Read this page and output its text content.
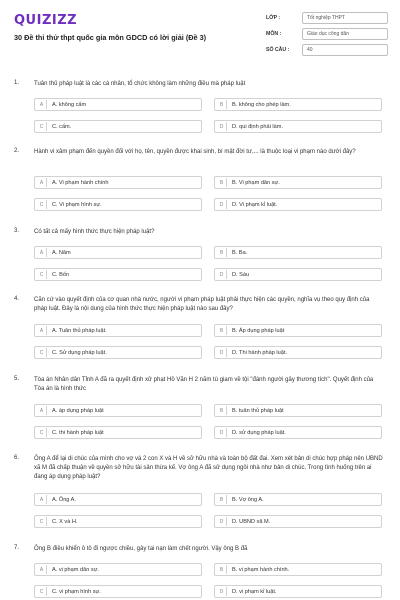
QUIZIZZ
30 Đề thi thử thpt quốc gia môn GDCD có lời giải (Đề 3)
LỚP :	Tốt nghiệp THPT
MÔN :	Giáo dục công dân
SỐ CÂU :	40
1. Tuân thủ pháp luật là các cá nhân, tổ chức không làm những điều mà pháp luật
A	A. không cấm	B	B. không cho phép làm.
C	C. cấm.	D	D. qui định phải làm.
2. Hành vi xâm phạm đến quyền đối với họ, tên, quyền được khai sinh, bí mật đời tư,... là thuộc loại vi phạm nào dưới đây?
A	A. Vi phạm hành chính	B	B. Vi phạm dân sự.
C	C. Vi phạm hình sự.	D	D. Vi phạm kỉ luật.
3. Có tất cả mấy hình thức thực hiện pháp luật?
A	A. Năm	B	B. Ba.
C	C. Bốn	D	D. Sáu
4. Căn cứ vào quyết định của cơ quan nhà nước, người vi phạm pháp luật phải thực hiện các quyền, nghĩa vụ theo quy định của pháp luật. Đây là nội dung của hình thức thực hiện pháp luật nào sau đây?
A	A. Tuân thủ pháp luật.	B	B. Áp dụng pháp luật
C	C. Sử dụng pháp luật.	D	D. Thi hành pháp luật.
5. Tòa án Nhân dân Tỉnh A đã ra quyết định xử phạt Hồ Văn H 2 năm tù giam về tội "đánh người gây thương tích". Quyết định của Tòa án là hình thức
A	A. áp dụng pháp luật	B	B. tuân thủ pháp luật
C	C. thi hành pháp luật	D	D. sử dụng pháp luật.
6. Ông A để lại di chúc của mình cho vợ và 2 con X và H về sở hữu nhà và toàn bộ đất đai. Xem xét bản di chúc hợp pháp nên UBND xã M đã chấp thuận về quyền sở hữu tài sản thừa kế. Vợ ông A đã sử dụng ngôi nhà như bản di chúc. Trong tình huống trên ai đang áp dụng pháp luật?
A	A. Ông A.	B	B. Vợ ông A.
C	C. X và H.	D	D. UBND xã M.
7. Ông B điều khiển ô tô đi ngược chiều, gây tai nạn làm chết người. Vậy ông B đã
A	A. vi phạm dân sự.	B	B. vi phạm hành chính.
C	C. vi phạm hình sự.	D	D. vi phạm kỉ luật.
